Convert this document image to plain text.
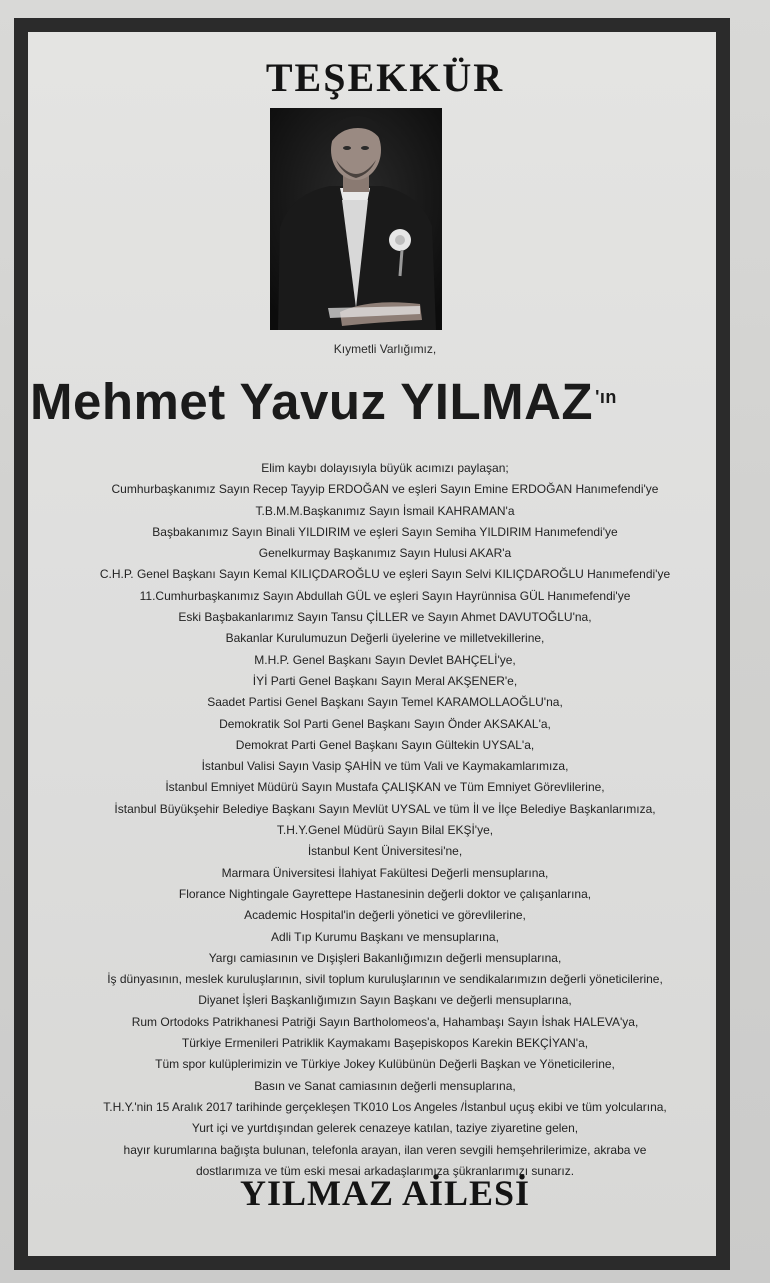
TEŞEKKÜR
Kıymetli Varlığımız,
Mehmet Yavuz YILMAZ $^{'ın}$
Elim kaybı dolayısıyla büyük acımızı paylaşan;
Cumhurbaşkanımız Sayın Recep Tayyip ERDOĞAN ve eşleri Sayın Emine ERDOĞAN Hanımefendi'ye
T.B.M.M.Başkanımız Sayın İsmail KAHRAMAN'a
Başbakanımız Sayın Binali YILDIRIM ve eşleri Sayın Semiha YILDIRIM Hanımefendi'ye
Genelkurmay Başkanımız Sayın Hulusi AKAR'a
C.H.P. Genel Başkanı Sayın Kemal KILIÇDAROĞLU ve eşleri Sayın Selvi KILIÇDAROĞLU Hanımefendi'ye
11.Cumhurbaşkanımız Sayın Abdullah GÜL ve eşleri Sayın Hayrünnisa GÜL Hanımefendi'ye
Eski Başbakanlarımız Sayın Tansu ÇİLLER ve Sayın Ahmet DAVUTOĞLU'na,
Bakanlar Kurulumuzun Değerli üyelerine ve milletvekillerine,
M.H.P. Genel Başkanı Sayın Devlet BAHÇELİ'ye,
İYİ Parti Genel Başkanı Sayın Meral AKŞENER'e,
Saadet Partisi Genel Başkanı Sayın Temel KARAMOLLAOĞLU'na,
Demokratik Sol Parti Genel Başkanı Sayın Önder AKSAKAL'a,
Demokrat Parti Genel Başkanı Sayın Gültekin UYSAL'a,
İstanbul Valisi Sayın Vasip ŞAHİN ve tüm Vali ve Kaymakamlarımıza,
İstanbul Emniyet Müdürü Sayın Mustafa ÇALIŞKAN ve Tüm Emniyet Görevlilerine,
İstanbul Büyükşehir Belediye Başkanı Sayın Mevlüt UYSAL ve tüm İl ve İlçe Belediye Başkanlarımıza,
T.H.Y.Genel Müdürü Sayın Bilal EKŞİ'ye,
İstanbul Kent Üniversitesi'ne,
Marmara Üniversitesi İlahiyat Fakültesi Değerli mensuplarına,
Florance Nightingale Gayrettepe Hastanesinin değerli doktor ve çalışanlarına,
Academic Hospital'in değerli yönetici ve görevlilerine,
Adli Tıp Kurumu Başkanı ve mensuplarına,
Yargı camiasının ve Dışişleri Bakanlığımızın değerli mensuplarına,
İş dünyasının, meslek kuruluşlarının, sivil toplum kuruluşlarının ve sendikalarımızın değerli yöneticilerine,
Diyanet İşleri Başkanlığımızın Sayın Başkanı ve değerli mensuplarına,
Rum Ortodoks Patrikhanesi Patriği Sayın Bartholomeos'a, Hahambaşı Sayın İshak HALEVA'ya,
Türkiye Ermenileri Patriklik Kaymakamı Başepiskopos Karekin BEKÇİYAN'a,
Tüm spor kulüplerimizin ve Türkiye Jokey Kulübünün Değerli Başkan ve Yöneticilerine,
Basın ve Sanat camiasının değerli mensuplarına,
T.H.Y.'nin 15 Aralık 2017 tarihinde gerçekleşen TK010 Los Angeles /İstanbul uçuş ekibi ve tüm yolcularına,
Yurt içi ve yurtdışından gelerek cenazeye katılan, taziye ziyaretine gelen,
hayır kurumlarına bağışta bulunan, telefonla arayan, ilan veren sevgili hemşehrilerimize, akraba ve
dostlarımıza ve tüm eski mesai arkadaşlarımıza şükranlarımızı sunarız.
YILMAZ AİLESİ
